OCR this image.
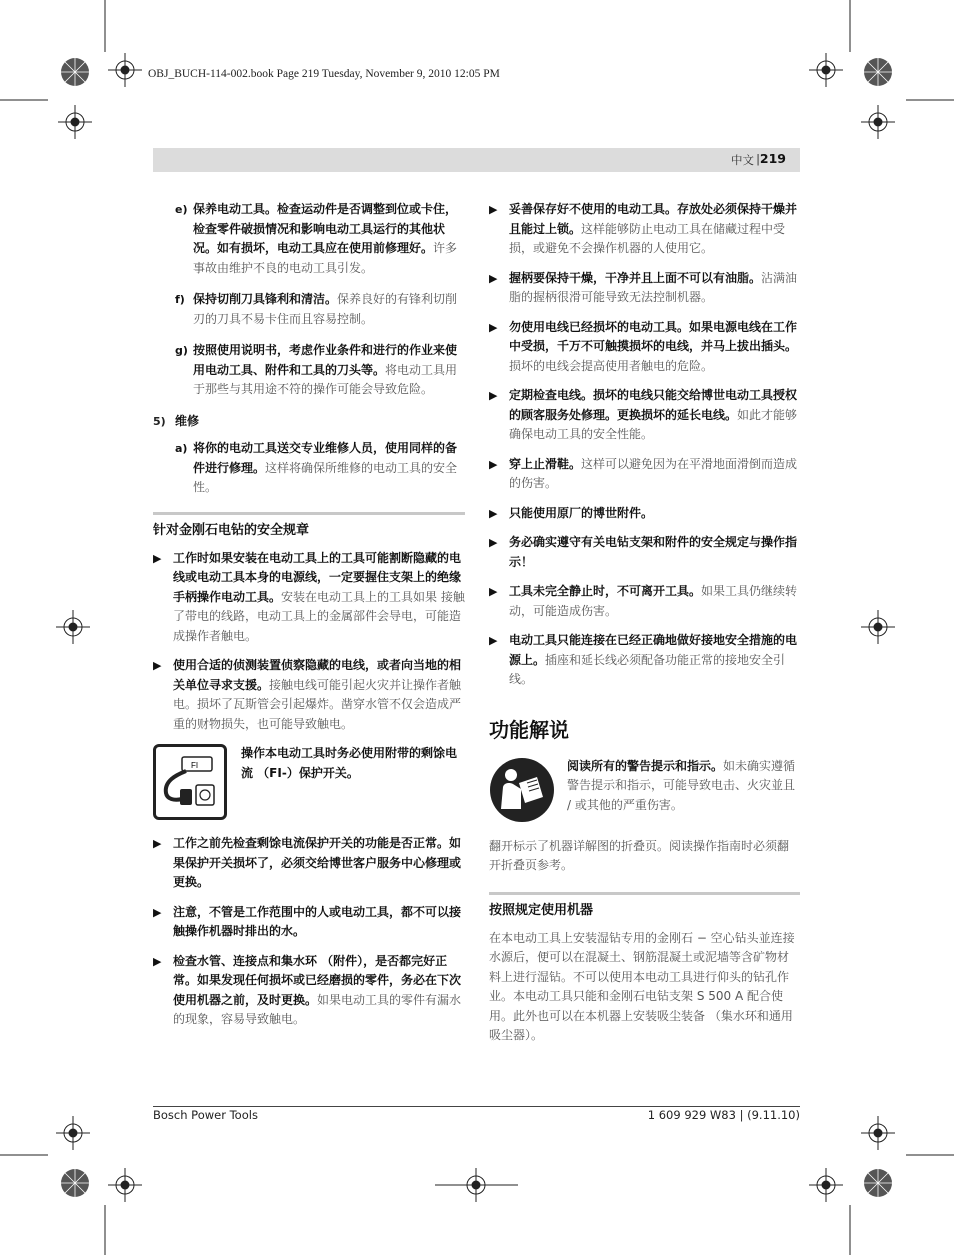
OBJ_BUCH-114-002.book Page 219 Tuesday, November 9, 2010 12:05 PM
中文 | 219
e) 保养电动工具。检查运动件是否调整到位或卡住，检查零件破损情况和影响电动工具运行的其他状况。如有损坏，电动工具应在使用前修理好。许多事故由维护不良的电动工具引发。

f) 保持切削刀具锋利和清洁。保养良好的有锋利切削刃的刀具不易卡住而且容易控制。

g) 按照使用说明书，考虑作业条件和进行的作业来使用电动工具、附件和工具的刀头等。将电动工具用于那些与其用途不符的操作可能会导致危险。

5) 维修
a) 将你的电动工具送交专业维修人员，使用同样的备件进行修理。这样将确保所维修的电动工具的安全性。

针对金刚石电钻的安全规章
▶ 工作时如果安装在电动工具上的工具可能割断隐藏的电线或电动工具本身的电源线，一定要握住支架上的绝缘手柄操作电动工具。安装在电动工具上的工具如果 接触了带电的线路，电动工具上的金属部件会导电，可能造成操作者触电。

▶ 使用合适的侦测装置侦察隐藏的电线，或者向当地的相关单位寻求支援。接触电线可能引起火灾并让操作者触电。损坏了瓦斯管会引起爆炸。凿穿水管不仅会造成严重的财物损失，也可能导致触电。

FI

操作本电动工具时务必使用附带的剩馀电流 （FI-）保护开关。

▶ 工作之前先检查剩馀电流保护开关的功能是否正常。如果保护开关损坏了，必须交给博世客户服务中心修理或更换。

▶ 注意，不管是工作范围中的人或电动工具，都不可以接触操作机器时排出的水。

▶ 检查水管、连接点和集水环 （附件），是否都完好正常。如果发现任何损坏或已经磨损的零件，务必在下次使用机器之前，及时更换。如果电动工具的零件有漏水的现象，容易导致触电。

▶ 妥善保存好不使用的电动工具。存放处必须保持干燥并且能过上锁。这样能够防止电动工具在储藏过程中受损，或避免不会操作机器的人使用它。

▶ 握柄要保持干燥，干净并且上面不可以有油脂。沾满油脂的握柄很滑可能导致无法控制机器。

▶ 勿使用电线已经损坏的电动工具。如果电源电线在工作中受损，千万不可触摸损坏的电线，并马上拔出插头。损坏的电线会提高使用者触电的危险。

▶ 定期检查电线。损坏的电线只能交给博世电动工具授权的顾客服务处修理。更换损坏的延长电线。如此才能够确保电动工具的安全性能。

▶ 穿上止滑鞋。这样可以避免因为在平滑地面滑倒而造成的伤害。

▶ 只能使用原厂的博世附件。

▶ 务必确实遵守有关电钻支架和附件的安全规定与操作指示！

▶ 工具未完全静止时，不可离开工具。如果工具仍继续转动，可能造成伤害。

▶ 电动工具只能连接在已经正确地做好接地安全措施的电源上。插座和延长线必须配备功能正常的接地安全引线。

功能解说

阅读所有的警告提示和指示。如未确实遵循警告提示和指示，可能导致电击、火灾並且 / 或其他的严重伤害。

翻开标示了机器详解图的折叠页。阅读操作指南时必须翻开折叠页参考。

按照规定使用机器

在本电动工具上安装湿钻专用的金刚石 − 空心钻头並连接水源后，便可以在混凝土、钢筋混凝土或泥墙等含矿物材料上进行湿钻。不可以使用本电动工具进行仰头的钻孔作业。本电动工具只能和金刚石电钻支架 S 500 A 配合使用。此外也可以在本机器上安装吸尘装备 （集水环和通用吸尘器）。

Bosch Power Tools	1 609 929 W83 | (9.11.10)
